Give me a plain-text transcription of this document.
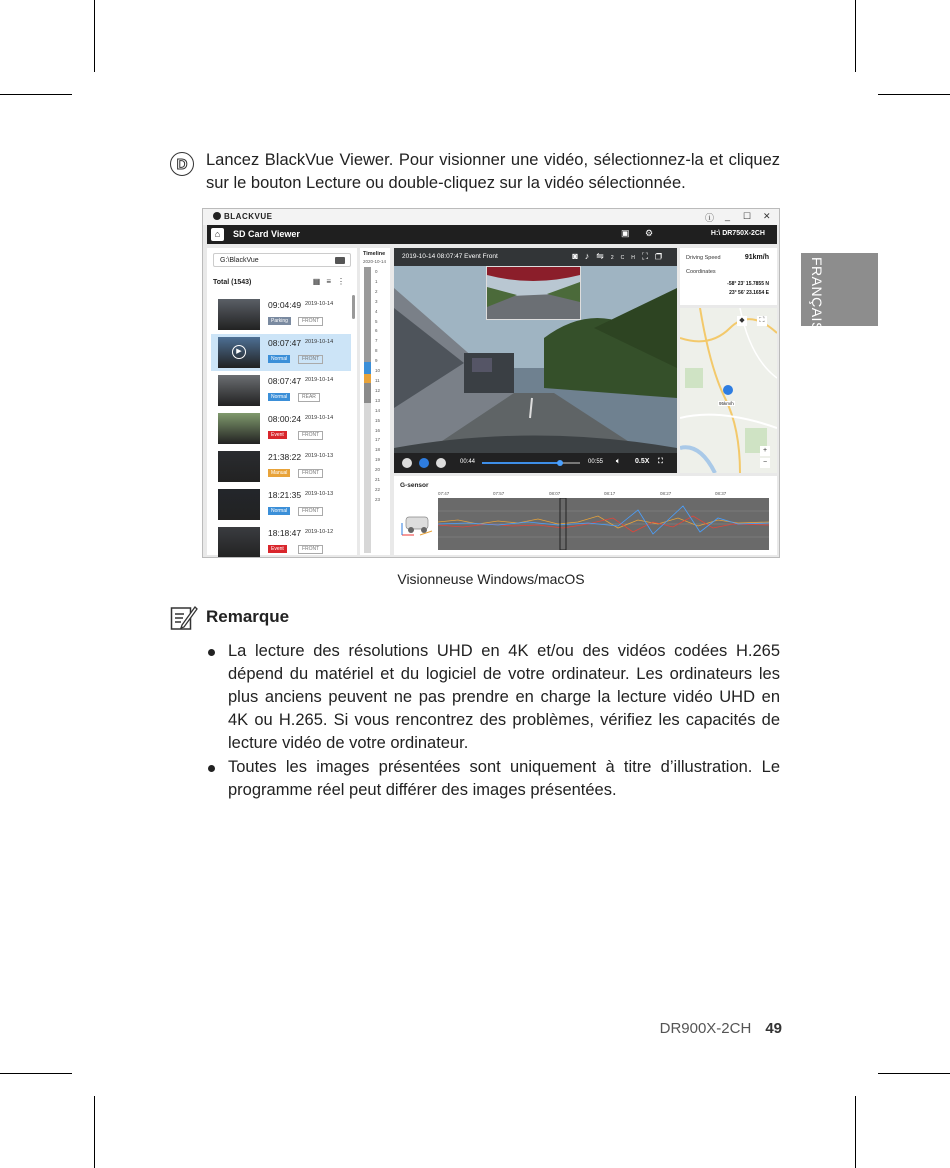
D Lancez BlackVue Viewer. Pour visionner une vidéo, sélectionnez-la et cliquez sur le bouton Lecture ou double-cliquez sur la vidéo sélectionnée.
FRANÇAIS
BLACKVUE	ⓘ _ ☐ ✕
⌂	SD Card Viewer	▣ ⚙	H:\ DR750X-2CH
G:\BlackVue
Total (1543)	▦≡⋮
09:04:49 2019-10-14
Parking	FRONT
08:07:47 2019-10-14
Normal	FRONT
▶
08:07:47 2019-10-14
Normal	REAR
08:00:24 2019-10-14
Event	FRONT
21:38:22 2019-10-13
Manual	FRONT
18:21:35 2019-10-13
Normal	FRONT
18:18:47 2019-10-12
Event	FRONT
Timeline
2020-10-14
0
1
2
3
4
5
6
7
8
9
10
11
12
13
14
15
16
17
18
19
20
21
22
23
2019-10-14 08:07:47 Event Front	◙♪⇋2CH⛶❐
00:44	00:55 🔈︎ 0.5X ⛶
Driving Speed	91km/h
Coordinates
-58° 23' 15.7855 N
23° 56' 23.1654 E
◆	⛶
95km/h
+
−
G-sensor
07:47	07:57	08:07	08:17	08:27	08:37
Visionneuse Windows/macOS
Remarque
La lecture des résolutions UHD en 4K et/ou des vidéos codées H.265 dépend du matériel et du logiciel de votre ordinateur. Les ordinateurs les plus anciens peuvent ne pas prendre en charge la lecture vidéo UHD en 4K ou H.265. Si vous rencontrez des problèmes, vérifiez les capacités de lecture vidéo de votre ordinateur.
Toutes les images présentées sont uniquement à titre d’illustration. Le programme réel peut différer des images présentées.
DR900X-2CH 49
